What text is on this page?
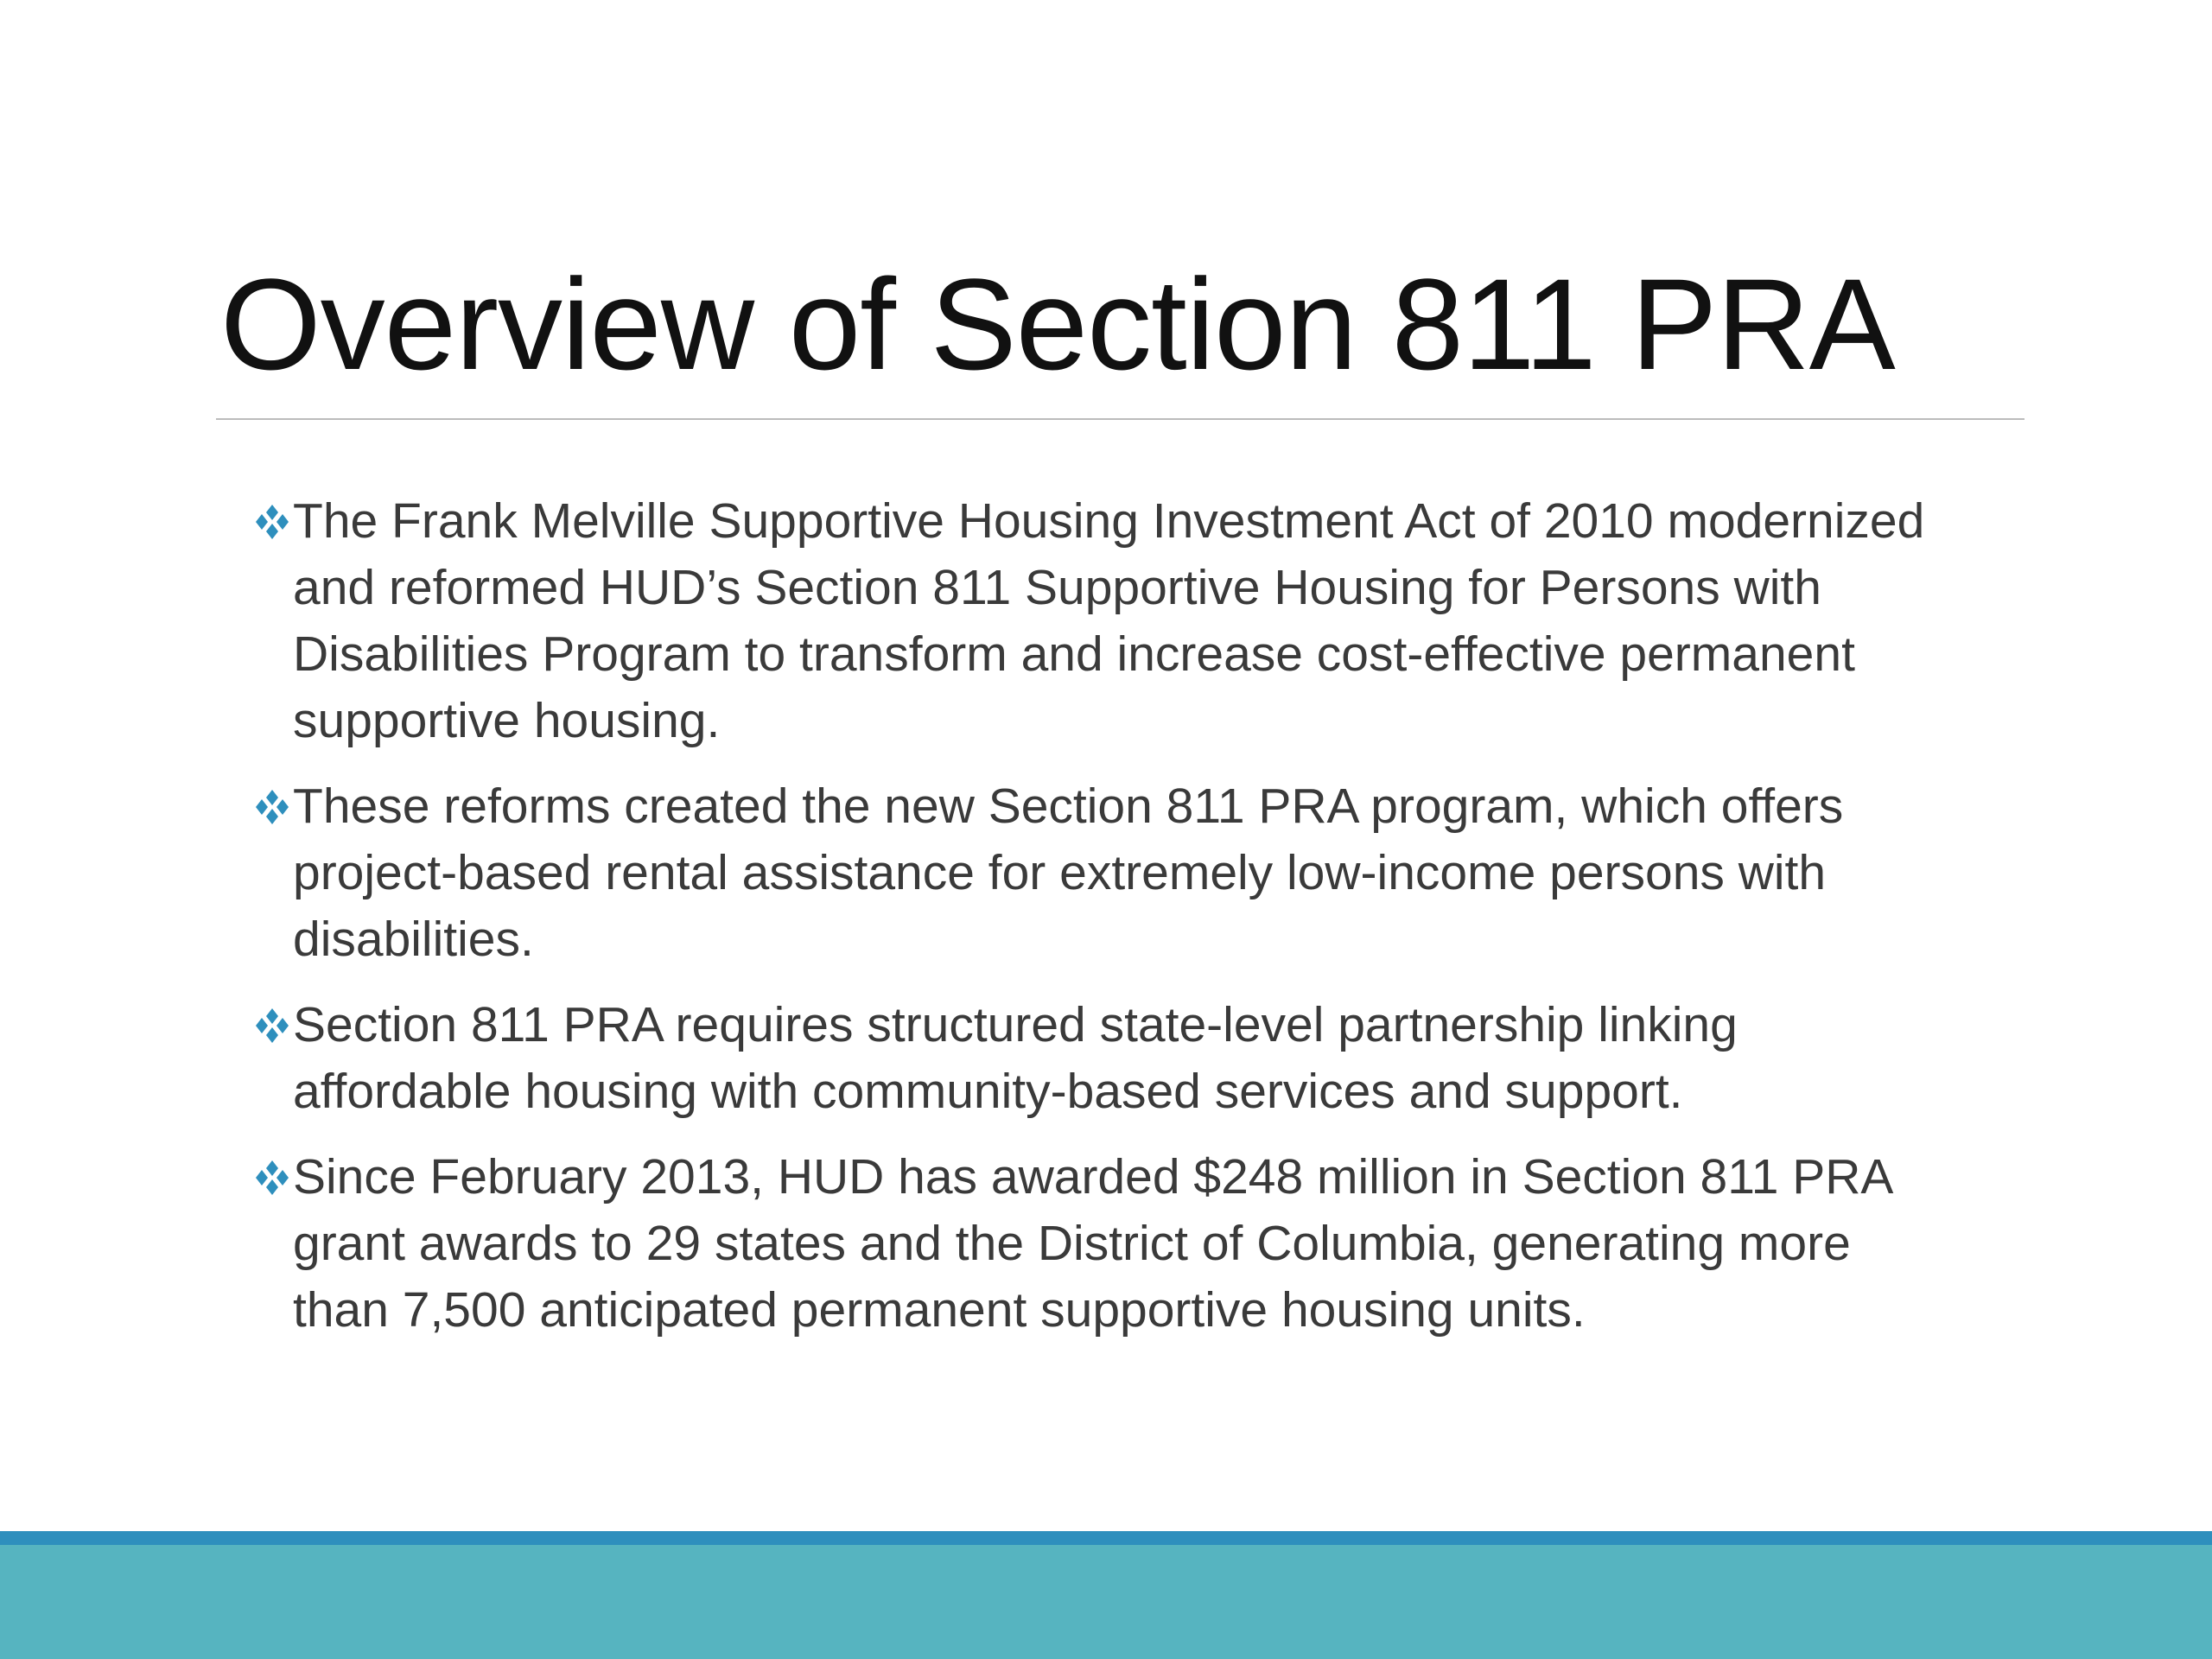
Overview of Section 811 PRA
The Frank Melville Supportive Housing Investment Act of 2010 modernized and reformed HUD’s Section 811 Supportive Housing for Persons with Disabilities Program to transform and increase cost-effective permanent supportive housing.
These reforms created the new Section 811 PRA program, which offers project-based rental assistance for extremely low-income persons with disabilities.
Section 811 PRA requires structured state-level partnership linking affordable housing with community-based services and support.
Since February 2013, HUD has awarded $248 million in Section 811 PRA grant awards to 29 states and the District of Columbia, generating more than 7,500 anticipated permanent supportive housing units.
